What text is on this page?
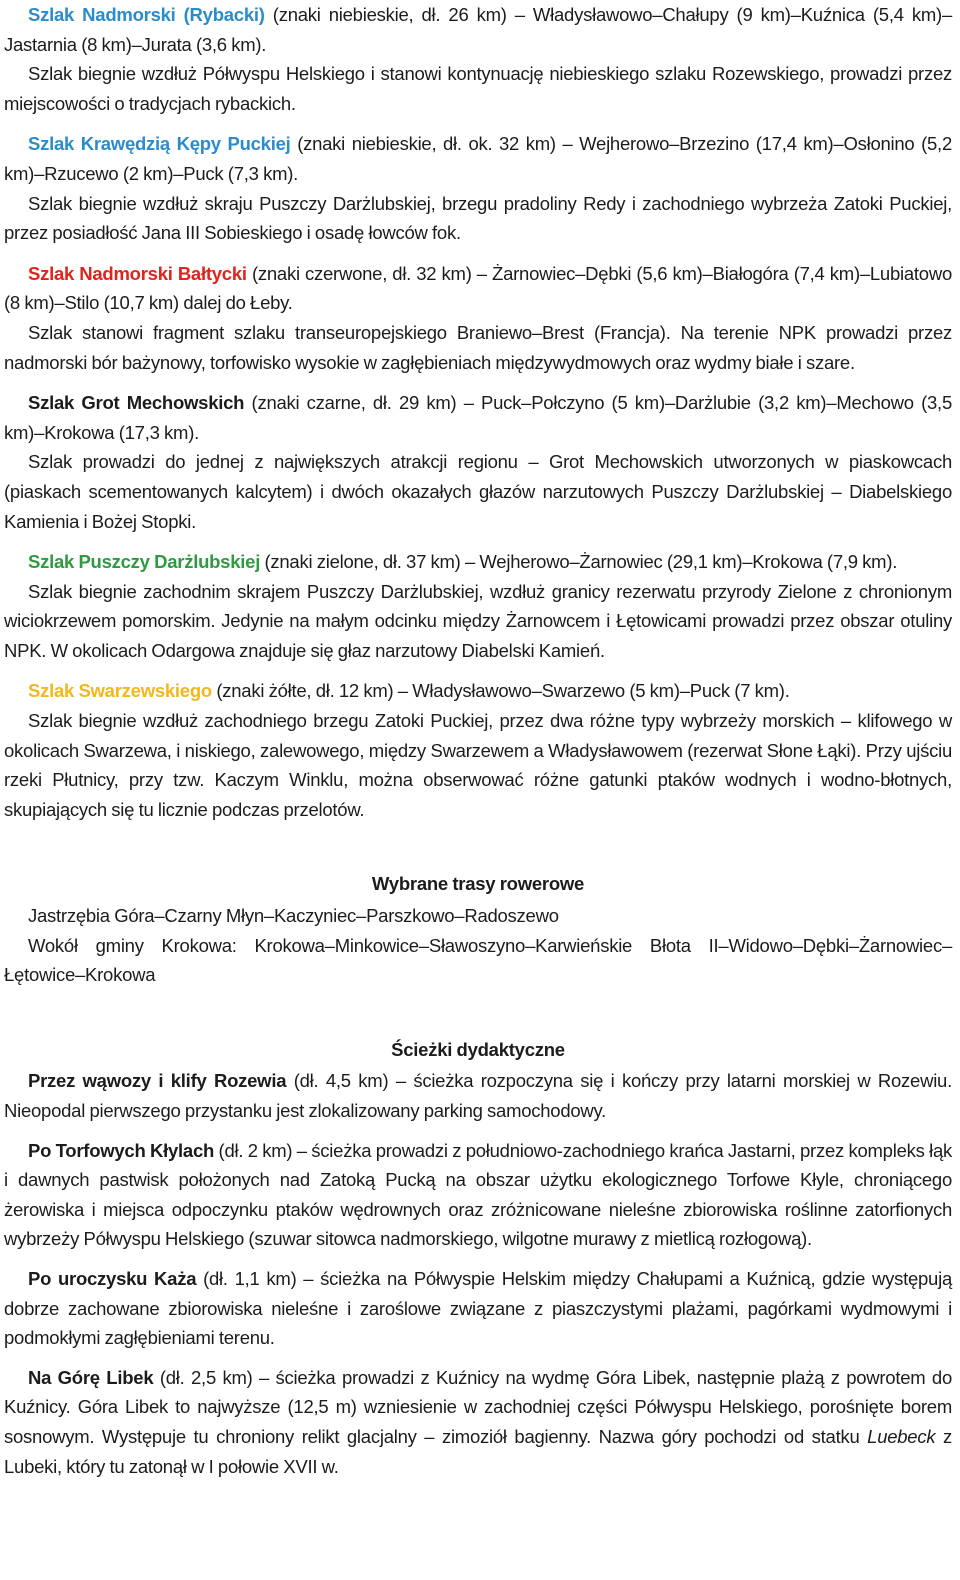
Szlak Nadmorski (Rybacki) (znaki niebieskie, dł. 26 km) – Władysławowo–Chałupy (9 km)–Kuźnica (5,4 km)–Jastarnia (8 km)–Jurata (3,6 km).

Szlak biegnie wzdłuż Półwyspu Helskiego i stanowi kontynuację niebieskiego szlaku Rozewskiego, prowadzi przez miejscowości o tradycjach rybackich.

Szlak Krawędzią Kępy Puckiej (znaki niebieskie, dł. ok. 32 km) – Wejherowo–Brzezino (17,4 km)–Osłonino (5,2 km)–Rzucewo (2 km)–Puck (7,3 km).

Szlak biegnie wzdłuż skraju Puszczy Darżlubskiej, brzegu pradoliny Redy i zachodniego wybrzeża Zatoki Puckiej, przez posiadłość Jana III Sobieskiego i osadę łowców fok.

Szlak Nadmorski Bałtycki (znaki czerwone, dł. 32 km) – Żarnowiec–Dębki (5,6 km)–Białogóra (7,4 km)–Lubiatowo (8 km)–Stilo (10,7 km) dalej do Łeby.

Szlak stanowi fragment szlaku transeuropejskiego Braniewo–Brest (Francja). Na terenie NPK prowadzi przez nadmorski bór bażynowy, torfowisko wysokie w zagłębieniach międzywydmowych oraz wydmy białe i szare.

Szlak Grot Mechowskich (znaki czarne, dł. 29 km) – Puck–Połczyno (5 km)–Darżlubie (3,2 km)–Mechowo (3,5 km)–Krokowa (17,3 km).

Szlak prowadzi do jednej z największych atrakcji regionu – Grot Mechowskich utworzonych w piaskowcach (piaskach scementowanych kalcytem) i dwóch okazałych głazów narzutowych Puszczy Darżlubskiej – Diabelskiego Kamienia i Bożej Stopki.

Szlak Puszczy Darżlubskiej (znaki zielone, dł. 37 km) – Wejherowo–Żarnowiec (29,1 km)–Krokowa (7,9 km).

Szlak biegnie zachodnim skrajem Puszczy Darżlubskiej, wzdłuż granicy rezerwatu przyrody Zielone z chronionym wiciokrzewem pomorskim. Jedynie na małym odcinku między Żarnowcem i Łętowicami prowadzi przez obszar otuliny NPK. W okolicach Odargowa znajduje się głaz narzutowy Diabelski Kamień.

Szlak Swarzewskiego (znaki żółte, dł. 12 km) – Władysławowo–Swarzewo (5 km)–Puck (7 km).

Szlak biegnie wzdłuż zachodniego brzegu Zatoki Puckiej, przez dwa różne typy wybrzeży morskich – klifowego w okolicach Swarzewa, i niskiego, zalewowego, między Swarzewem a Władysławowem (rezerwat Słone Łąki). Przy ujściu rzeki Płutnicy, przy tzw. Kaczym Winklu, można obserwować różne gatunki ptaków wodnych i wodno-błotnych, skupiających się tu licznie podczas przelotów.

Wybrane trasy rowerowe

Jastrzębia Góra–Czarny Młyn–Kaczyniec–Parszkowo–Radoszewo

Wokół gminy Krokowa: Krokowa–Minkowice–Sławoszyno–Karwieńskie Błota II–Widowo–Dębki–Żarnowiec–Łętowice–Krokowa

Ścieżki dydaktyczne

Przez wąwozy i klify Rozewia (dł. 4,5 km) – ścieżka rozpoczyna się i kończy przy latarni morskiej w Rozewiu. Nieopodal pierwszego przystanku jest zlokalizowany parking samochodowy.

Po Torfowych Kłylach (dł. 2 km) – ścieżka prowadzi z południowo-zachodniego krańca Jastarni, przez kompleks łąk i dawnych pastwisk położonych nad Zatoką Pucką na obszar użytku ekologicznego Torfowe Kłyle, chroniącego żerowiska i miejsca odpoczynku ptaków wędrownych oraz zróżnicowane nieleśne zbiorowiska roślinne zatorfionych wybrzeży Półwyspu Helskiego (szuwar sitowca nadmorskiego, wilgotne murawy z mietlicą rozłogową).

Po uroczysku Każa (dł. 1,1 km) – ścieżka na Półwyspie Helskim między Chałupami a Kuźnicą, gdzie występują dobrze zachowane zbiorowiska nieleśne i zaroślowe związane z piaszczystymi plażami, pagórkami wydmowymi i podmokłymi zagłębieniami terenu.

Na Górę Libek (dł. 2,5 km) – ścieżka prowadzi z Kuźnicy na wydmę Góra Libek, następnie plażą z powrotem do Kuźnicy. Góra Libek to najwyższe (12,5 m) wzniesienie w zachodniej części Półwyspu Helskiego, porośnięte borem sosnowym. Występuje tu chroniony relikt glacjalny – zimoziół bagienny. Nazwa góry pochodzi od statku Luebeck z Lubeki, który tu zatonął w I połowie XVII w.
